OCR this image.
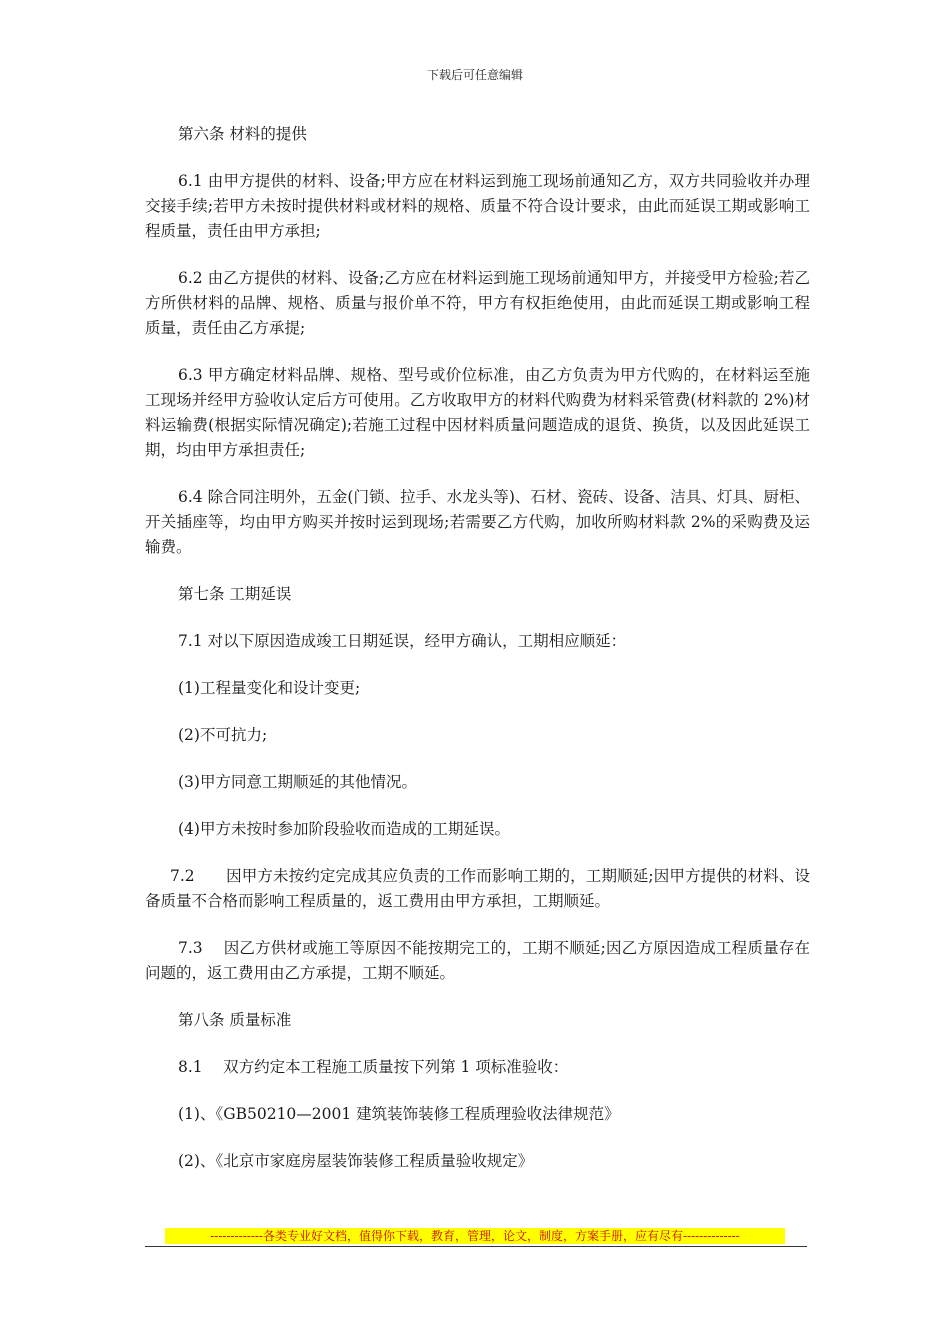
下载后可任意编辑

第六条 材料的提供

6.1 由甲方提供的材料、设备;甲方应在材料运到施工现场前通知乙方，双方共同验收并办理交接手续;若甲方未按时提供材料或材料的规格、质量不符合设计要求，由此而延误工期或影响工程质量，责任由甲方承担;

6.2 由乙方提供的材料、设备;乙方应在材料运到施工现场前通知甲方，并接受甲方检验;若乙方所供材料的品牌、规格、质量与报价单不符，甲方有权拒绝使用，由此而延误工期或影响工程质量，责任由乙方承提;

6.3 甲方确定材料品牌、规格、型号或价位标准，由乙方负责为甲方代购的，在材料运至施工现场并经甲方验收认定后方可使用。乙方收取甲方的材料代购费为材料采管费(材料款的 2%)材料运输费(根据实际情况确定);若施工过程中因材料质量问题造成的退货、换货，以及因此延误工期，均由甲方承担责任;

6.4 除合同注明外，五金(门锁、拉手、水龙头等)、石材、瓷砖、设备、洁具、灯具、厨柜、开关插座等，均由甲方购买并按时运到现场;若需要乙方代购，加收所购材料款 2%的采购费及运输费。

第七条 工期延误

7.1 对以下原因造成竣工日期延误，经甲方确认，工期相应顺延：

(1)工程量变化和设计变更;

(2)不可抗力;

(3)甲方同意工期顺延的其他情况。

(4)甲方未按时参加阶段验收而造成的工期延误。

7.2　　因甲方未按约定完成其应负责的工作而影响工期的，工期顺延;因甲方提供的材料、设备质量不合格而影响工程质量的，返工费用由甲方承担，工期顺延。

7.3　 因乙方供材或施工等原因不能按期完工的，工期不顺延;因乙方原因造成工程质量存在问题的，返工费用由乙方承提，工期不顺延。

第八条 质量标准

8.1　 双方约定本工程施工质量按下列第 1 项标准验收：

(1)、《GB50210—2001 建筑装饰装修工程质理验收法律规范》

(2)、《北京市家庭房屋装饰装修工程质量验收规定》

-------------各类专业好文档，值得你下载，教育，管理，论文，制度，方案手册，应有尽有--------------
